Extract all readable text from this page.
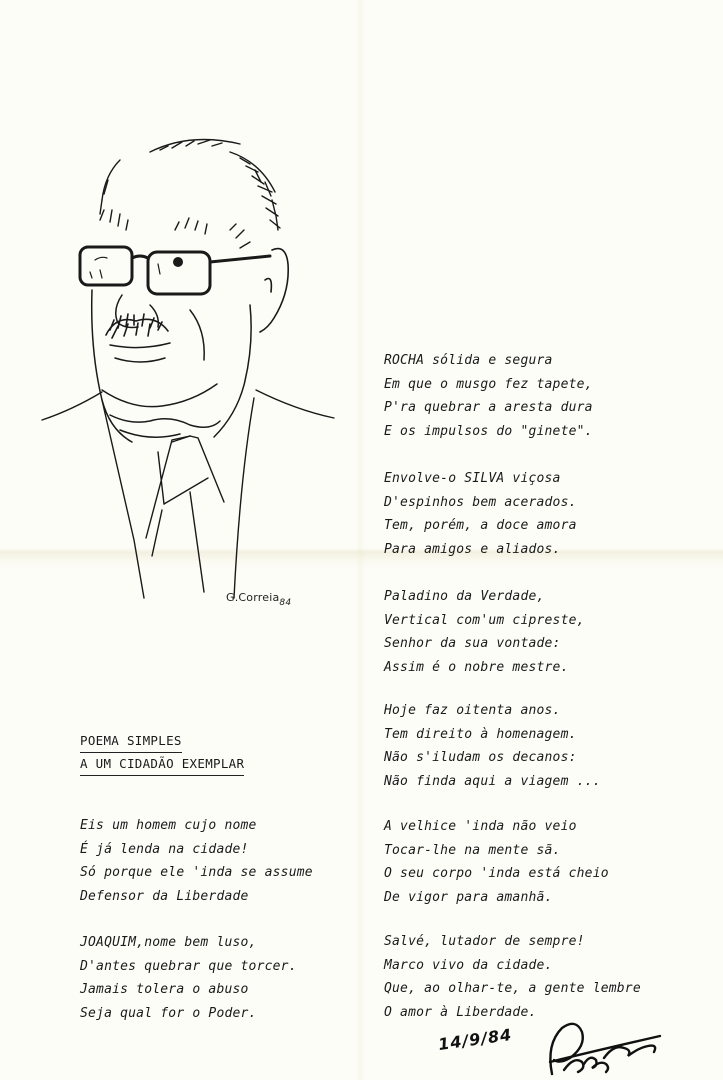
G.Correia$_{84}$
POEMA SIMPLES
A UM CIDADÃO EXEMPLAR
Eis um homem cujo nome
É já lenda na cidade!
Só porque ele 'inda se assume
Defensor da Liberdade
JOAQUIM,nome bem luso,
D'antes quebrar que torcer.
Jamais tolera o abuso
Seja qual for o Poder.
ROCHA sólida e segura
Em que o musgo fez tapete,
P'ra quebrar a aresta dura
E os impulsos do "ginete".
Envolve-o SILVA viçosa
D'espinhos bem acerados.
Tem, porém, a doce amora
Para amigos e aliados.
Paladino da Verdade,
Vertical com'um cipreste,
Senhor da sua vontade:
Assim é o nobre mestre.
Hoje faz oitenta anos.
Tem direito à homenagem.
Não s'iludam os decanos:
Não finda aqui a viagem ...
A velhice 'inda não veio
Tocar-lhe na mente sã.
O seu corpo 'inda está cheio
De vigor para amanhã.
Salvé, lutador de sempre!
Marco vivo da cidade.
Que, ao olhar-te, a gente lembre
O amor à Liberdade.
14/9/84
